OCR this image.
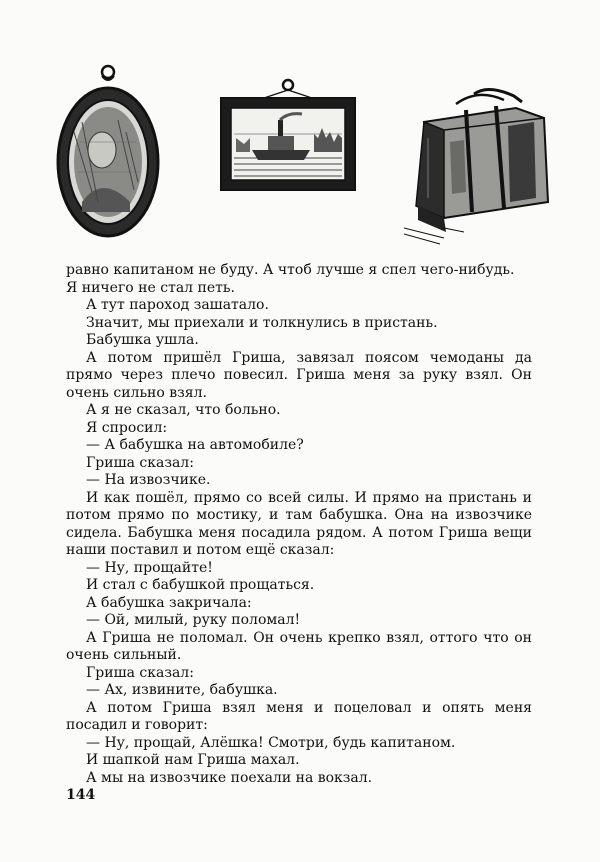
равно капитаном не буду. А чтоб лучше я спел чего-нибудь.
Я ничего не стал петь.
А тут пароход зашатало.
Значит, мы приехали и толкнулись в пристань.
Бабушка ушла.
А потом пришёл Гриша, завязал поясом чемоданы да прямо через плечо повесил. Гриша меня за руку взял. Он очень сильно взял.
А я не сказал, что больно.
Я спросил:
— А бабушка на автомобиле?
Гриша сказал:
— На извозчике.
И как пошёл, прямо со всей силы. И прямо на пристань и потом прямо по мостику, и там бабушка. Она на извозчике сидела. Бабушка меня посадила рядом. А потом Гриша вещи наши поставил и потом ещё сказал:
— Ну, прощайте!
И стал с бабушкой прощаться.
А бабушка закричала:
— Ой, милый, руку поломал!
А Гриша не поломал. Он очень крепко взял, оттого что он очень сильный.
Гриша сказал:
— Ах, извините, бабушка.
А потом Гриша взял меня и поцеловал и опять меня посадил и говорит:
— Ну, прощай, Алёшка! Смотри, будь капитаном.
И шапкой нам Гриша махал.
А мы на извозчике поехали на вокзал.
144
